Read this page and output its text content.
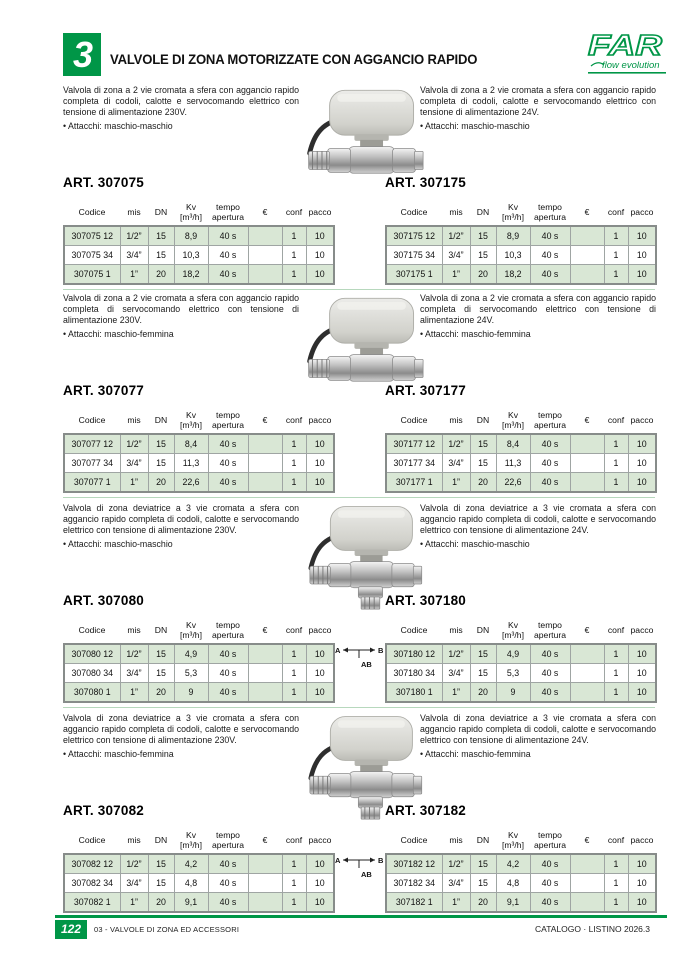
3	VALVOLE DI ZONA MOTORIZZATE CON AGGANCIO RAPIDO	FAR
flow evolution
Valvola di zona a 2 vie cromata a sfera con aggancio rapido completa di codoli, calotte e servocomando elettrico con tensione di alimentazione 230V.
• Attacchi: maschio-maschio
Valvola di zona a 2 vie cromata a sfera con aggancio rapido completa di codoli, calotte e servocomando elettrico con tensione di alimentazione 24V.
• Attacchi: maschio-maschio
ART. 307075	ART. 307175
Codice	mis	DN	Kv
[m³/h]	tempo
apertura	€	conf	pacco
307075 12	1/2”	15	8,9	40 s		1	10
307075 34	3/4”	15	10,3	40 s		1	10
307075 1	1”	20	18,2	40 s		1	10
Codice	mis	DN	Kv
[m³/h]	tempo
apertura	€	conf	pacco
307175 12	1/2”	15	8,9	40 s		1	10
307175 34	3/4”	15	10,3	40 s		1	10
307175 1	1”	20	18,2	40 s		1	10
Valvola di zona a 2 vie cromata a sfera con aggancio rapido completa di servocomando elettrico con tensione di alimentazione 230V.
• Attacchi: maschio-femmina
Valvola di zona a 2 vie cromata a sfera con aggancio rapido completa di servocomando elettrico con tensione di alimentazione 24V.
• Attacchi: maschio-femmina
ART. 307077	ART. 307177
Codice	mis	DN	Kv
[m³/h]	tempo
apertura	€	conf	pacco
307077 12	1/2”	15	8,4	40 s		1	10
307077 34	3/4”	15	11,3	40 s		1	10
307077 1	1”	20	22,6	40 s		1	10
Codice	mis	DN	Kv
[m³/h]	tempo
apertura	€	conf	pacco
307177 12	1/2”	15	8,4	40 s		1	10
307177 34	3/4”	15	11,3	40 s		1	10
307177 1	1”	20	22,6	40 s		1	10
Valvola di zona deviatrice a 3 vie cromata a sfera con aggancio rapido completa di codoli, calotte e servocomando elettrico con tensione di alimentazione 230V.
• Attacchi: maschio-maschio
Valvola di zona deviatrice a 3 vie cromata a sfera con aggancio rapido completa di codoli, calotte e servocomando elettrico con tensione di alimentazione 24V.
• Attacchi: maschio-maschio
ART. 307080	ART. 307180
Codice	mis	DN	Kv
[m³/h]	tempo
apertura	€	conf	pacco
307080 12	1/2”	15	4,9	40 s		1	10
307080 34	3/4”	15	5,3	40 s		1	10
307080 1	1”	20	9	40 s		1	10
Codice	mis	DN	Kv
[m³/h]	tempo
apertura	€	conf	pacco
307180 12	1/2”	15	4,9	40 s		1	10
307180 34	3/4”	15	5,3	40 s		1	10
307180 1	1”	20	9	40 s		1	10
A	B
AB
Valvola di zona deviatrice a 3 vie cromata a sfera con aggancio rapido completa di codoli, calotte e servocomando elettrico con tensione di alimentazione 230V.
• Attacchi: maschio-femmina
Valvola di zona deviatrice a 3 vie cromata a sfera con aggancio rapido completa di codoli, calotte e servocomando elettrico con tensione di alimentazione 24V.
• Attacchi: maschio-femmina
ART. 307082	ART. 307182
Codice	mis	DN	Kv
[m³/h]	tempo
apertura	€	conf	pacco
307082 12	1/2”	15	4,2	40 s		1	10
307082 34	3/4”	15	4,8	40 s		1	10
307082 1	1”	20	9,1	40 s		1	10
Codice	mis	DN	Kv
[m³/h]	tempo
apertura	€	conf	pacco
307182 12	1/2”	15	4,2	40 s		1	10
307182 34	3/4”	15	4,8	40 s		1	10
307182 1	1”	20	9,1	40 s		1	10
A	B
AB
122	03 - VALVOLE DI ZONA ED ACCESSORI	CATALOGO · LISTINO 2026.3
